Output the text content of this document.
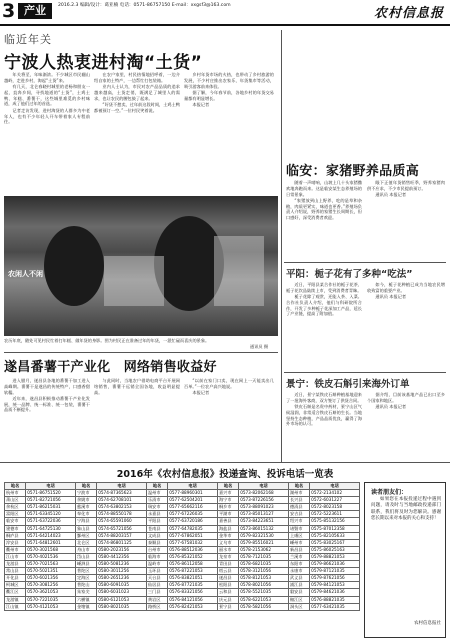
3 产业	2016.2.3 编辑/设计：葛亚楠 电话：0571-86757150 E-mail：xxgsf3@163.com
农村信息报
临近年关
宁波人热衷进村淘“土货”

年关将至，年味渐浓。不少城区市民翻山越岭，走进乡村，淘起“土货”来。

有几天，北仑春晓村城里的老杨和朋友一起，直奔乡间，寻找地道的“土货”，土鸡土鸭、年糕、番薯干，这些城里难觅的乡村味道，成了他们过年的首选。

记者走访发现，进村淘货的人群多为中老年人，也有不少年轻人开车带着家人专程前往。

在农户家里，村民热情地招呼着，一边介绍自家的土特产，一边帮忙打包装箱。

业内人士认为，市民对农产品品质的追求越来越高，土货走俏，既满足了城里人的需求，也让农民的腰包鼓了起来。

“好货不愁卖，过年前这段时间，土鸡土鸭都被预订一空。”一位村民笑着说。

乡村年货市场的火热，也带动了乡村旅游的发展，不少村庄推出农家乐、年货集市等活动，吸引游客前来体验。

据了解，今年春节前，各地乡村的年货交易量都有明显增长。

本报记者

农闲人不闲
农历年底，随处可见村民忙着打年糕、做年货的身影。图为村民正在准备过年的年货，一派忙碌而喜庆的景象。
通讯员 摄
临安：家猪野养品质高

随着一声哨响，山坡上几十头家猪撒欢地奔跑而来。这是临安某生态养殖场的日常景象。

“家猪放到山上野养，吃的是草和杂粮，肉质更紧实，味道也更香。”养殖场负责人介绍说，野养的家猪生长周期长，但口感好，深受消费者欢迎。

眼下正值年货销售旺季，野养家猪肉供不应求，不少市民提前预订。

通讯员 本报记者

平阳：栀子花有了多种“吃法”

近日，平阳县某合作社的栀子花茶、栀子花饮品陆续上市，受到消费者青睐。

栀子花除了观赏，还能入茶、入菜。合作社负责人介绍，他们与科研院所合作，开发了多种栀子花深加工产品，延长了产业链，提高了附加值。

如今，栀子花种植已成为当地农民增收致富的重要产业。

通讯员 本报记者

遂昌番薯干产业化　网络销售收益好

进入腊月，遂昌县各地的番薯干加工进入高峰期。番薯干是遂昌的传统特产，口感香甜软糯。

近年来，遂昌县积极推动番薯干产业化发展，统一品牌、统一标准、统一包装，番薯干品质不断提升。

与此同时，当地农户借助电商平台开展网络销售，番薯干远销全国各地，收益明显提高。

“以前在家门口卖，现在网上一天能卖出几百单。”一位农户高兴地说。

本报记者

景宁：铁皮石斛引来海外订单

近日，景宁某铁皮石斛种植基地迎来了一批海外客商，双方签订了供货合同。

铁皮石斛是名贵中药材，景宁山区气候湿润，非常适合铁皮石斛的生长。当地坚持生态种植，产品品质优良，赢得了海外市场的认可。

据介绍，目前该基地产品已出口至多个国家和地区。

通讯员 本报记者

2016年《农村信息报》投递查询、投诉电话一览表
地名	电话	地名	电话	地名	电话	地名	电话	地名	电话
杭州市	0571-86751520	宁波市	0574-87365623	温州市	0577-88960301	嘉兴市	0573-82062168	湖州市	0572-2134102
萧山区	0571-82721056	余姚市	0574-62708101	乐清市	0577-62504201	海宁市	0573-87226156	长兴县	0572-6031227
余杭区	0571-86215031	慈溪市	0574-63802153	瑞安市	0577-65662116	桐乡市	0573-88091023	德清县	0572-8023158
富阳区	0571-63345120	奉化市	0574-88550178	永嘉县	0577-67226035	平湖市	0573-85013127	安吉县	0572-5223611
临安市	0571-63722036	宁海县	0574-65591060	平阳县	0577-63720186	嘉善县	0573-84223651	绍兴市	0575-85132156
建德市	0571-64725130	象山县	0574-65721056	苍南县	0577-64782035	海盐县	0573-86015132	诸暨市	0575-87012358
桐庐县	0571-64214023	鄞州区	0574-88203157	文成县	0577-67862051	金华市	0579-82321530	上虞区	0575-82105633
淳安县	0571-64812601	北仑区	0574-86801125	泰顺县	0577-67581032	义乌市	0579-85516021	嵊州市	0575-83025167
衢州市	0570-3021568	舟山市	0580-2023156	台州市	0576-88512036	丽水市	0578-2153062	新昌县	0575-86025163
江山市	0570-4021536	岱山县	0580-4412356	临海市	0576-85321052	龙泉市	0578-7121035	兰溪市	0579-88821053
龙游县	0570-7021563	嵊泗县	0580-5081236	温岭市	0576-86112058	青田县	0578-6821035	东阳市	0579-86621036
常山县	0570-5021351	普陀区	0580-3011256	玉环县	0576-87221053	缙云县	0578-3121056	永康市	0579-87121035
开化县	0570-6021356	定海区	0580-2651236	天台县	0576-83821051	遂昌县	0578-8121053	武义县	0579-87621056
柯城区	0570-3081256	普陀山	0580-6091035	仙居县	0576-87721035	松阳县	0578-8021056	浦江县	0579-84121053
衢江区	0570-3621053	朱家尖	0580-6031023	三门县	0576-83321056	云和县	0578-5521035	磐安县	0579-84621036
龙游镇	0570-7221035	六横镇	0580-6121053	黄岩区	0576-84121056	庆元县	0578-6221053	椒江区	0576-88821035
江山镇	0570-4121053	金塘镇	0580-8021035	路桥区	0576-82421053	景宁县	0578-5821056	洞头区	0577-63421035
读者朋友们：
如果您在本报投递过程中遇到问题，请及时与当地邮政投递部门联系，我们将及时为您解决。感谢您长期以来对本报的关心和支持！
农村信息报社
